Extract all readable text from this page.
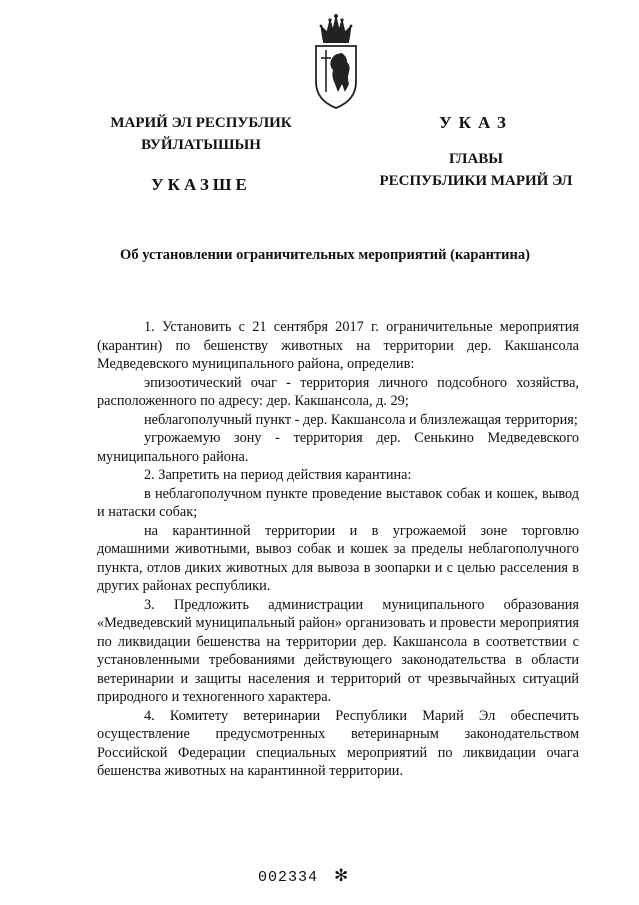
МАРИЙ ЭЛ РЕСПУБЛИК
ВУЙЛАТЫШЫН
УКАЗШЕ
УКАЗ
ГЛАВЫ
РЕСПУБЛИКИ МАРИЙ ЭЛ
Об установлении ограничительных мероприятий (карантина)

1. Установить с 21 сентября 2017 г. ограничительные мероприятия (карантин) по бешенству животных на территории дер. Какшансола Медведевского муниципального района, определив:

эпизоотический очаг - территория личного подсобного хозяйства, расположенного по адресу: дер. Какшансола, д. 29;

неблагополучный пункт - дер. Какшансола и близлежащая территория;

угрожаемую зону - территория дер. Сенькино Медведевского муниципального района.

2. Запретить на период действия карантина:

в неблагополучном пункте проведение выставок собак и кошек, вывод и натаски собак;

на карантинной территории и в угрожаемой зоне торговлю домашними животными, вывоз собак и кошек за пределы неблагополучного пункта, отлов диких животных для вывоза в зоопарки и с целью расселения в других районах республики.

3. Предложить администрации муниципального образования «Медведевский муниципальный район» организовать и провести мероприятия по ликвидации бешенства на территории дер. Какшансола в соответствии с установленными требованиями действующего законодательства в области ветеринарии и защиты населения и территорий от чрезвычайных ситуаций природного и техногенного характера.

4. Комитету ветеринарии Республики Марий Эл обеспечить осуществление предусмотренных ветеринарным законодательством Российской Федерации специальных мероприятий по ликвидации очага бешенства животных на карантинной территории.

002334 ✻
